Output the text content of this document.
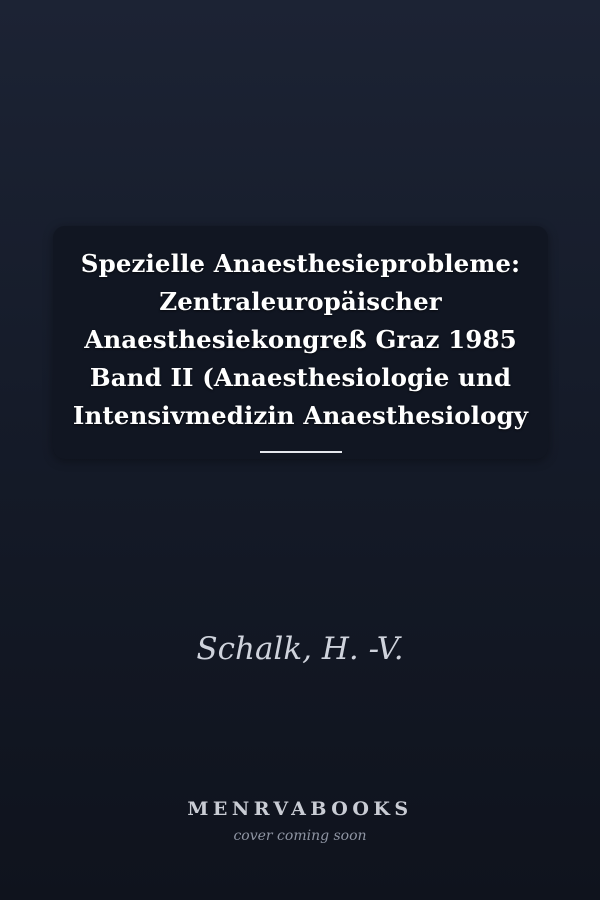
Spezielle Anaesthesieprobleme:
Zentraleuropäischer
Anaesthesiekongreß Graz 1985
Band II (Anaesthesiologie und
Intensivmedizin Anaesthesiology
Schalk, H. -V.
MENRVABOOKS
cover coming soon
